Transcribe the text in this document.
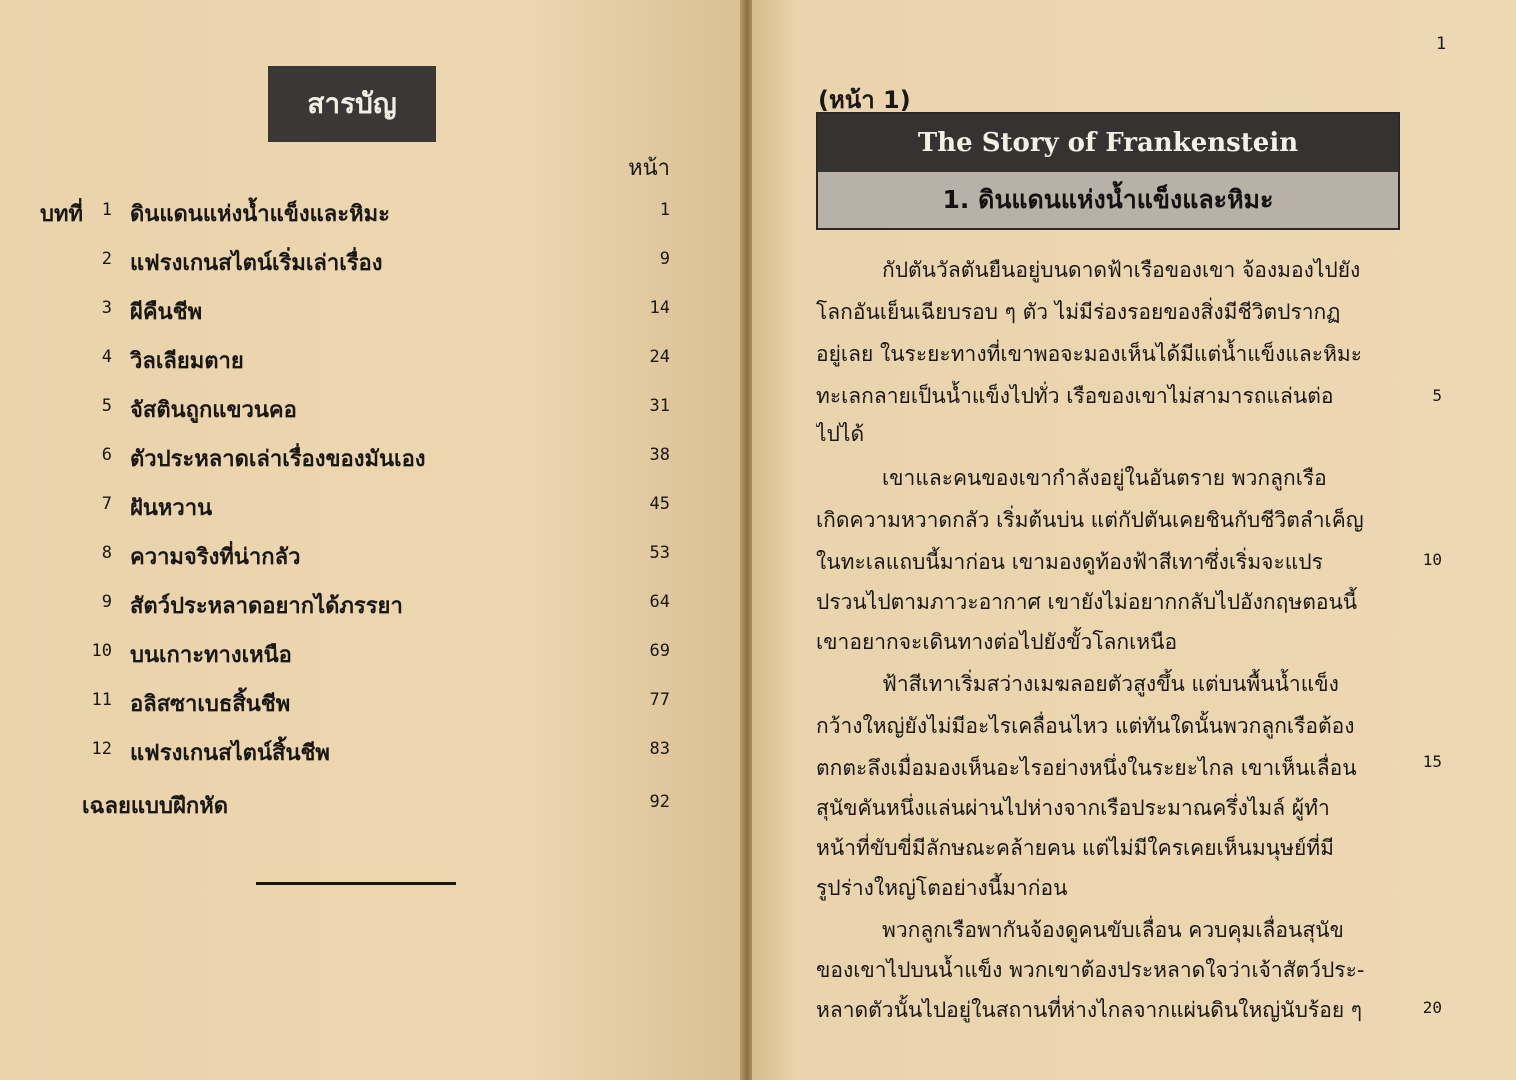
สารบัญ
หน้า
บทที่	1 ดินแดนแห่งน้ำแข็งและหิมะ	1
2 แฟรงเกนสไตน์เริ่มเล่าเรื่อง	9
3 ผีคืนชีพ	14
4 วิลเลียมตาย	24
5 จัสตินถูกแขวนคอ	31
6 ตัวประหลาดเล่าเรื่องของมันเอง	38
7 ฝันหวาน	45
8 ความจริงที่น่ากลัว	53
9 สัตว์ประหลาดอยากได้ภรรยา	64
10 บนเกาะทางเหนือ	69
11 อลิสซาเบธสิ้นชีพ	77
12 แฟรงเกนสไตน์สิ้นชีพ	83
เฉลยแบบฝึกหัด	92
1
(หน้า 1)
The Story of Frankenstein
1. ดินแดนแห่งน้ำแข็งและหิมะ
กัปตันวัลตันยืนอยู่บนดาดฟ้าเรือของเขา จ้องมองไปยัง
โลกอันเย็นเฉียบรอบ ๆ ตัว ไม่มีร่องรอยของสิ่งมีชีวิตปรากฏ
อยู่เลย ในระยะทางที่เขาพอจะมองเห็นได้มีแต่น้ำแข็งและหิมะ
ทะเลกลายเป็นน้ำแข็งไปทั่ว เรือของเขาไม่สามารถแล่นต่อ
ไปได้
เขาและคนของเขากำลังอยู่ในอันตราย พวกลูกเรือ
เกิดความหวาดกลัว เริ่มต้นบ่น แต่กัปตันเคยชินกับชีวิตลำเค็ญ
ในทะเลแถบนี้มาก่อน เขามองดูท้องฟ้าสีเทาซึ่งเริ่มจะแปร
ปรวนไปตามภาวะอากาศ เขายังไม่อยากกลับไปอังกฤษตอนนี้
เขาอยากจะเดินทางต่อไปยังขั้วโลกเหนือ
ฟ้าสีเทาเริ่มสว่างเมฆลอยตัวสูงขึ้น แต่บนพื้นน้ำแข็ง
กว้างใหญ่ยังไม่มีอะไรเคลื่อนไหว แต่ทันใดนั้นพวกลูกเรือต้อง
ตกตะลึงเมื่อมองเห็นอะไรอย่างหนึ่งในระยะไกล เขาเห็นเลื่อน
สุนัขคันหนึ่งแล่นผ่านไปห่างจากเรือประมาณครึ่งไมล์ ผู้ทำ
หน้าที่ขับขี่มีลักษณะคล้ายคน แต่ไม่มีใครเคยเห็นมนุษย์ที่มี
รูปร่างใหญ่โตอย่างนี้มาก่อน
พวกลูกเรือพากันจ้องดูคนขับเลื่อน ควบคุมเลื่อนสุนัข
ของเขาไปบนน้ำแข็ง พวกเขาต้องประหลาดใจว่าเจ้าสัตว์ประ-
หลาดตัวนั้นไปอยู่ในสถานที่ห่างไกลจากแผ่นดินใหญ่นับร้อย ๆ
5
10
15
20
